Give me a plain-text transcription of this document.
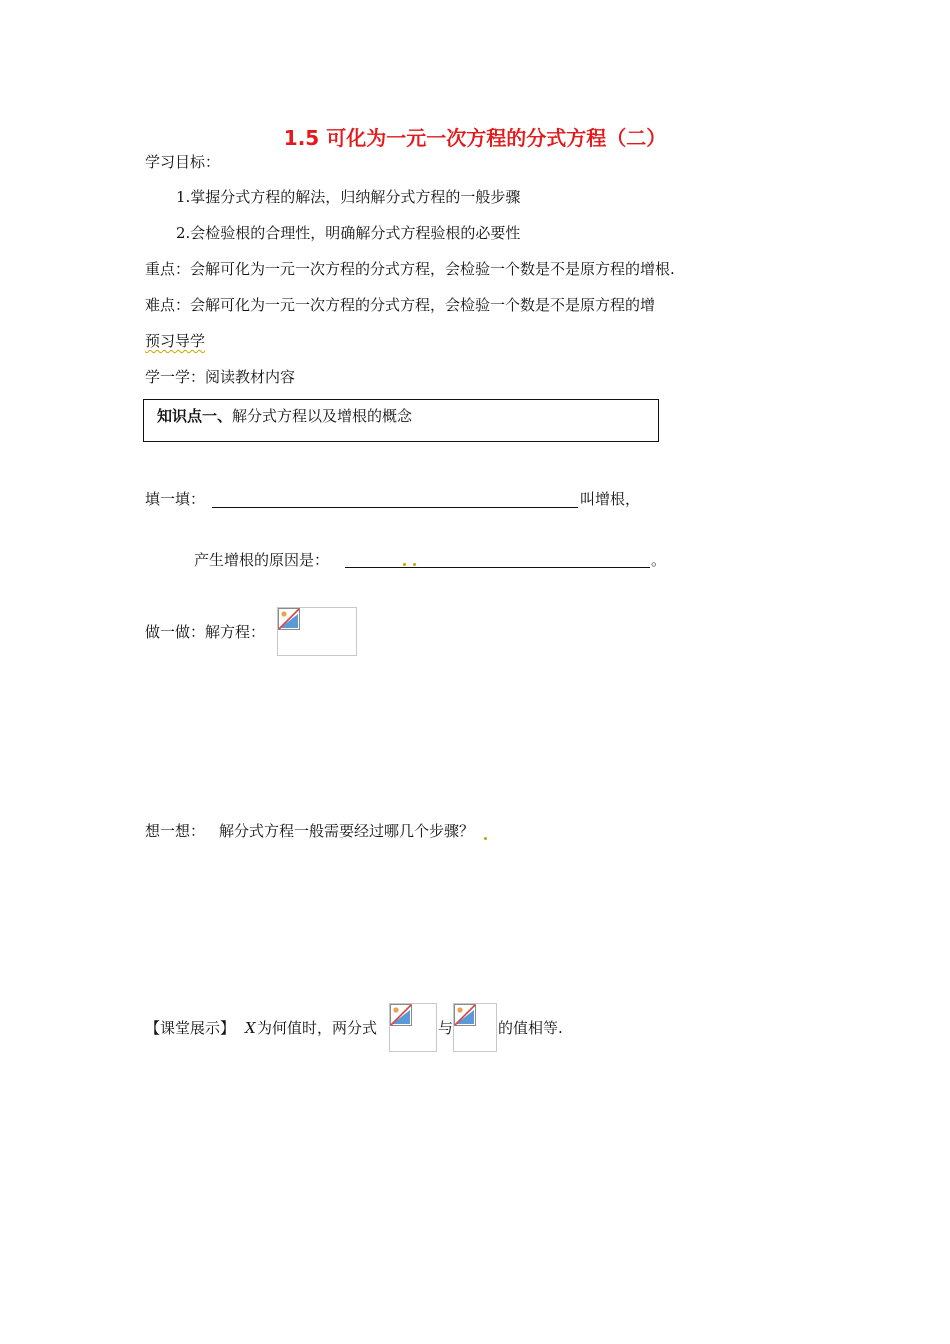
1.5 可化为一元一次方程的分式方程（二）
学习目标：
1.掌握分式方程的解法，归纳解分式方程的一般步骤
2.会检验根的合理性，明确解分式方程验根的必要性
重点：会解可化为一元一次方程的分式方程，会检验一个数是不是原方程的增根.
难点：会解可化为一元一次方程的分式方程，会检验一个数是不是原方程的增
预习导学
学一学：阅读教材内容
知识点一、解分式方程以及增根的概念
填一填：	叫增根，
产生增根的原因是：	。
做一做：解方程：
想一想： 解分式方程一般需要经过哪几个步骤？
【课堂展示】 X 为何值时，两分式	与	的值相等.
